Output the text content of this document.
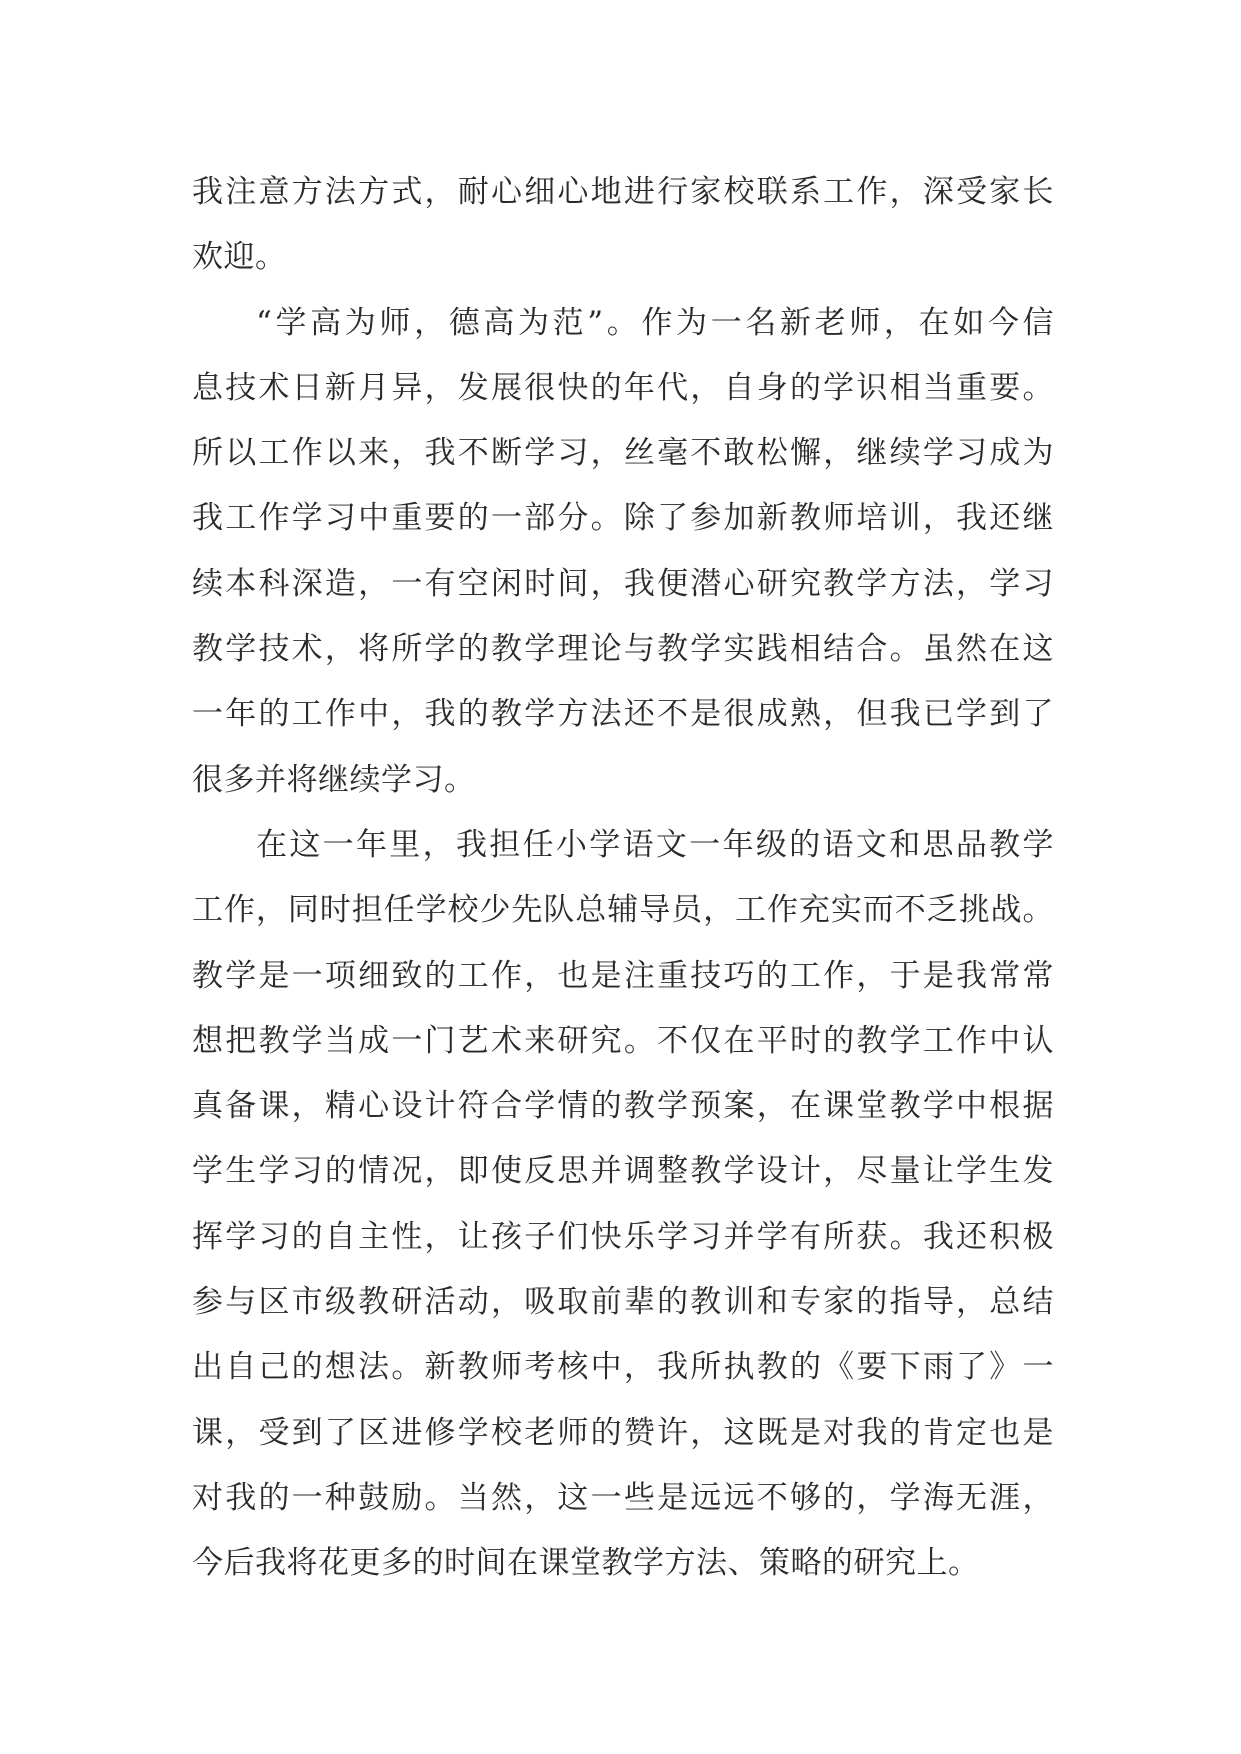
我注意方法方式，耐心细心地进行家校联系工作，深受家长
欢迎。
“学高为师，德高为范”。作为一名新老师，在如今信
息技术日新月异，发展很快的年代，自身的学识相当重要。
所以工作以来，我不断学习，丝毫不敢松懈，继续学习成为
我工作学习中重要的一部分。除了参加新教师培训，我还继
续本科深造，一有空闲时间，我便潜心研究教学方法，学习
教学技术，将所学的教学理论与教学实践相结合。虽然在这
一年的工作中，我的教学方法还不是很成熟，但我已学到了
很多并将继续学习。
在这一年里，我担任小学语文一年级的语文和思品教学
工作，同时担任学校少先队总辅导员，工作充实而不乏挑战。
教学是一项细致的工作，也是注重技巧的工作，于是我常常
想把教学当成一门艺术来研究。不仅在平时的教学工作中认
真备课，精心设计符合学情的教学预案，在课堂教学中根据
学生学习的情况，即使反思并调整教学设计，尽量让学生发
挥学习的自主性，让孩子们快乐学习并学有所获。我还积极
参与区市级教研活动，吸取前辈的教训和专家的指导，总结
出自己的想法。新教师考核中，我所执教的《要下雨了》一
课，受到了区进修学校老师的赞许，这既是对我的肯定也是
对我的一种鼓励。当然，这一些是远远不够的，学海无涯，
今后我将花更多的时间在课堂教学方法、策略的研究上。
